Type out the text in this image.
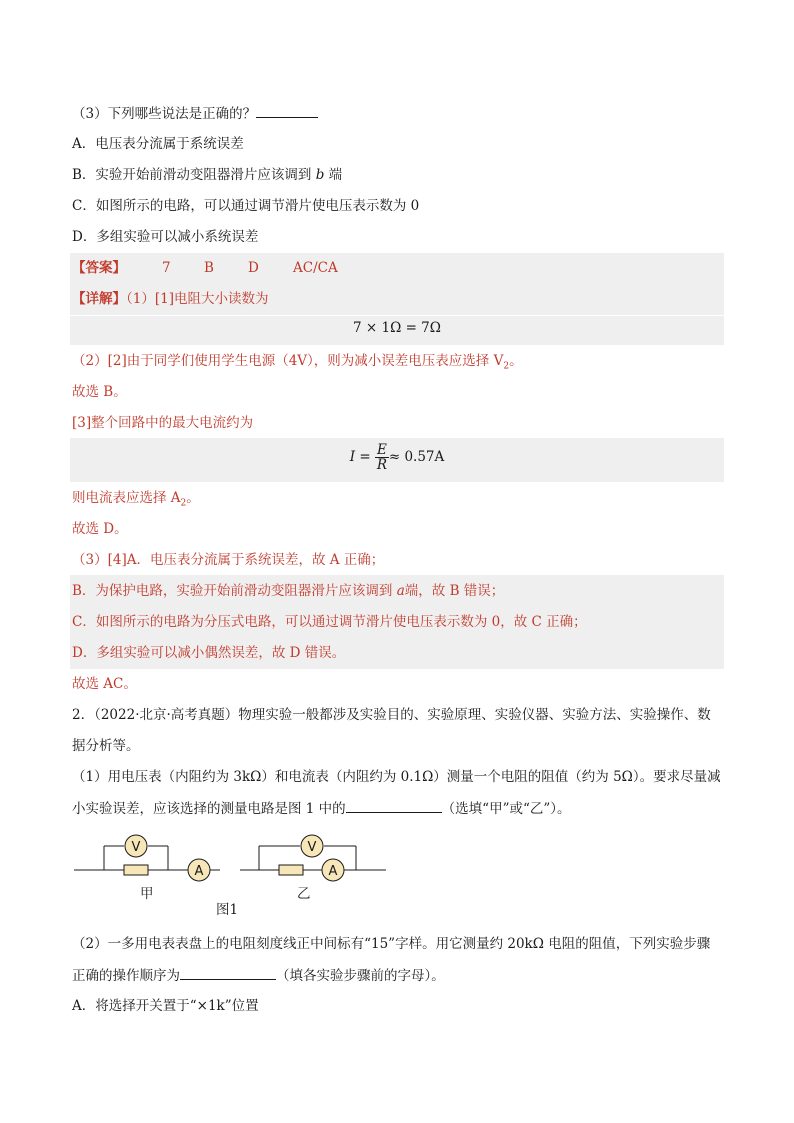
（3）下列哪些说法是正确的？
A．电压表分流属于系统误差
B．实验开始前滑动变阻器滑片应该调到 b 端
C．如图所示的电路，可以通过调节滑片使电压表示数为 0
D．多组实验可以减小系统误差
【答案】	7 B	D	AC/CA
【详解】（1）[1]电阻大小读数为
7 × 1Ω = 7Ω
（2）[2]由于同学们使用学生电源（4V），则为减小误差电压表应选择 $V_2$。
故选 B。
[3]整个回路中的最大电流约为
$I = \frac{E}{R} \approx 0.57A$
则电流表应选择 $A_2$。
故选 D。
（3）[4]A．电压表分流属于系统误差，故 A 正确；
B．为保护电路，实验开始前滑动变阻器滑片应该调到 a端，故 B 错误；
C．如图所示的电路为分压式电路，可以通过调节滑片使电压表示数为 0，故 C 正确；
D．多组实验可以减小偶然误差，故 D 错误。
故选 AC。
2．（2022·北京·高考真题）物理实验一般都涉及实验目的、实验原理、实验仪器、实验方法、实验操作、数
据分析等。
（1）用电压表（内阻约为 3kΩ）和电流表（内阻约为 0.1Ω）测量一个电阻的阻值（约为 5Ω）。要求尽量减
小实验误差，应该选择的测量电路是图 1 中的	（选填“甲”或“乙”）。
V
A
V
A
甲	乙
图1
（2）一多用电表表盘上的电阻刻度线正中间标有“15”字样。用它测量约 20kΩ 电阻的阻值，下列实验步骤
正确的操作顺序为	（填各实验步骤前的字母）。
A．将选择开关置于“×1k”位置
